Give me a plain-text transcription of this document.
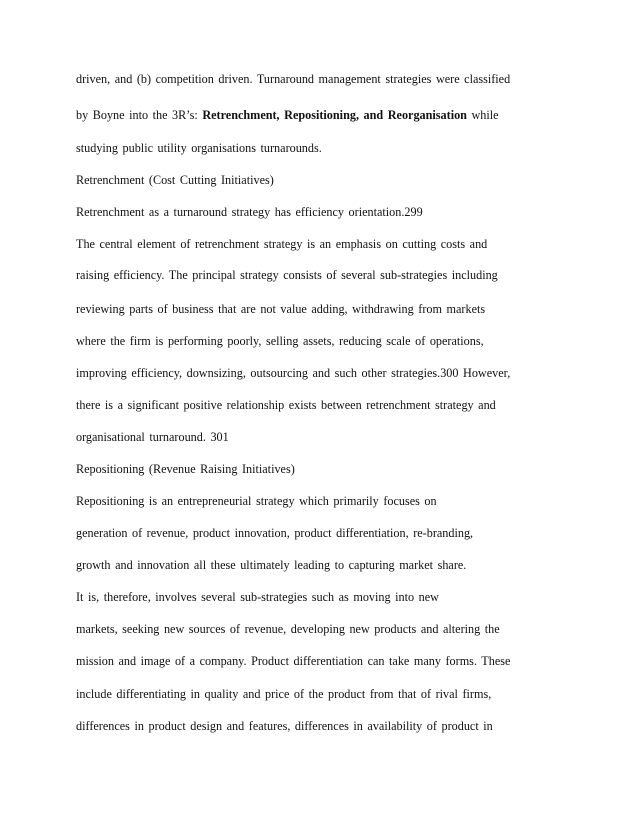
driven, and (b) competition driven. Turnaround management strategies were classified
by Boyne into the 3R’s: Retrenchment, Repositioning, and Reorganisation while
studying public utility organisations turnarounds.
Retrenchment (Cost Cutting Initiatives)
Retrenchment as a turnaround strategy has efficiency orientation.299
The central element of retrenchment strategy is an emphasis on cutting costs and
raising efficiency. The principal strategy consists of several sub-strategies including
reviewing parts of business that are not value adding, withdrawing from markets
where the firm is performing poorly, selling assets, reducing scale of operations,
improving efficiency, downsizing, outsourcing and such other strategies.300 However,
there is a significant positive relationship exists between retrenchment strategy and
organisational turnaround. 301
Repositioning (Revenue Raising Initiatives)
Repositioning is an entrepreneurial strategy which primarily focuses on
generation of revenue, product innovation, product differentiation, re-branding,
growth and innovation all these ultimately leading to capturing market share.
It is, therefore, involves several sub-strategies such as moving into new
markets, seeking new sources of revenue, developing new products and altering the
mission and image of a company. Product differentiation can take many forms. These
include differentiating in quality and price of the product from that of rival firms,
differences in product design and features, differences in availability of product in
